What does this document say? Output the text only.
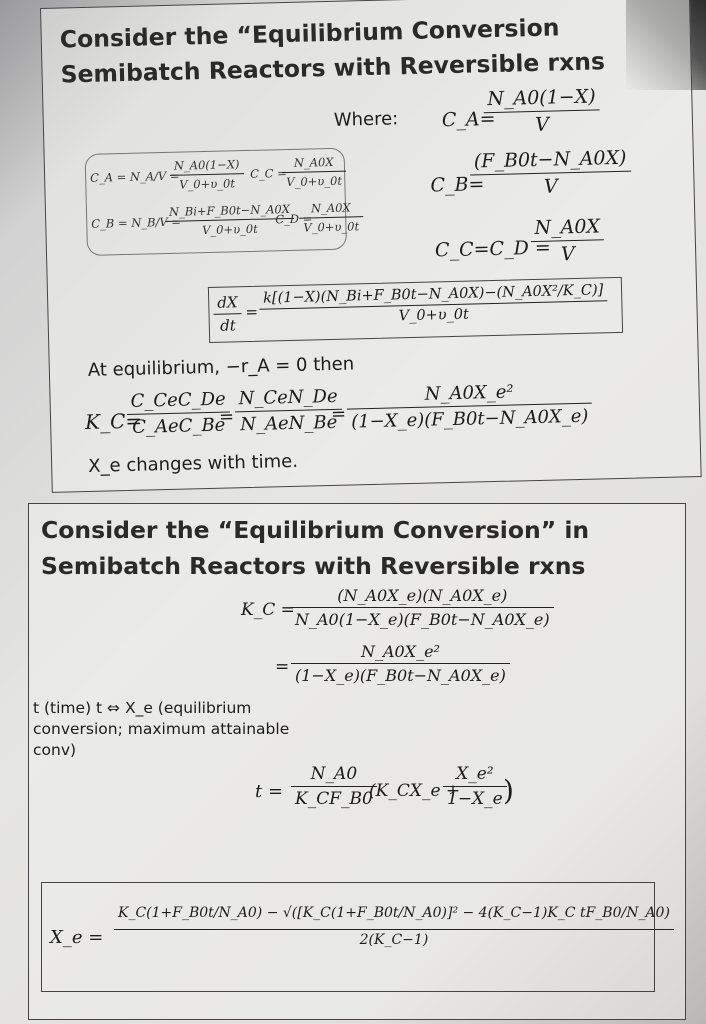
Consider the “Equilibrium Conversion
Semibatch Reactors with Reversible rxns
Where:
C_A = N_A/V =
$\frac{N\_A0(1-X)}{V\_0+\upsilon\_0t}$ C_C =
$\frac{N\_A0X}{V\_0+\upsilon\_0t}$
C_B = N_B/V =
$\frac{N\_Bi+F\_B0t-N\_A0X}{V\_0+\upsilon\_0t}$
C_D =
$\frac{N\_A0X}{V\_0+\upsilon\_0t}$
C_A=
$\frac{N\_A0(1-X)}{V}$
C_B=
$\frac{(F\_B0t-N\_A0X)}{V}$
C_C=C_D =
$\frac{N\_A0X}{V}$
$\frac{dX}{dt}$ =
k[(1−X)(N_Bi+F_B0t−N_A0X)−(N_A0X²/K_C)]
V_0+υ_0t
At equilibrium, −r_A = 0 then
K_C=
C_CeC_De
C_AeC_Be
=
N_CeN_De
N_AeN_Be
= $\frac{\text{N\_A0X\_e²}}{(1-X\_e)(F\_B0t-N\_A0X\_e)}$
X_e changes with time.
Consider the “Equilibrium Conversion” in
Semibatch Reactors with Reversible rxns
K_C =
$\frac{(N\_A0X\_e)(N\_A0X\_e)}{N\_A0(1-X\_e)(F\_B0t-N\_A0X\_e)}$
= $\frac{\text{N\_A0X\_e²}}{(1-X\_e)(F\_B0t-N\_A0X\_e)}$
t (time) t ⇔ X_e (equilibrium
conversion; maximum attainable
conv)
$t = \frac{N\_A0}{K\_CF\_B0}$
(K_CX_e +
$\frac{\text{X\_e²}}{1-X\_e}$
)
X_e =
K_C(1+F_B0t/N_A0) − √([K_C(1+F_B0t/N_A0)]² − 4(K_C−1)K_C tF_B0/N_A0)
2(K_C−1)
